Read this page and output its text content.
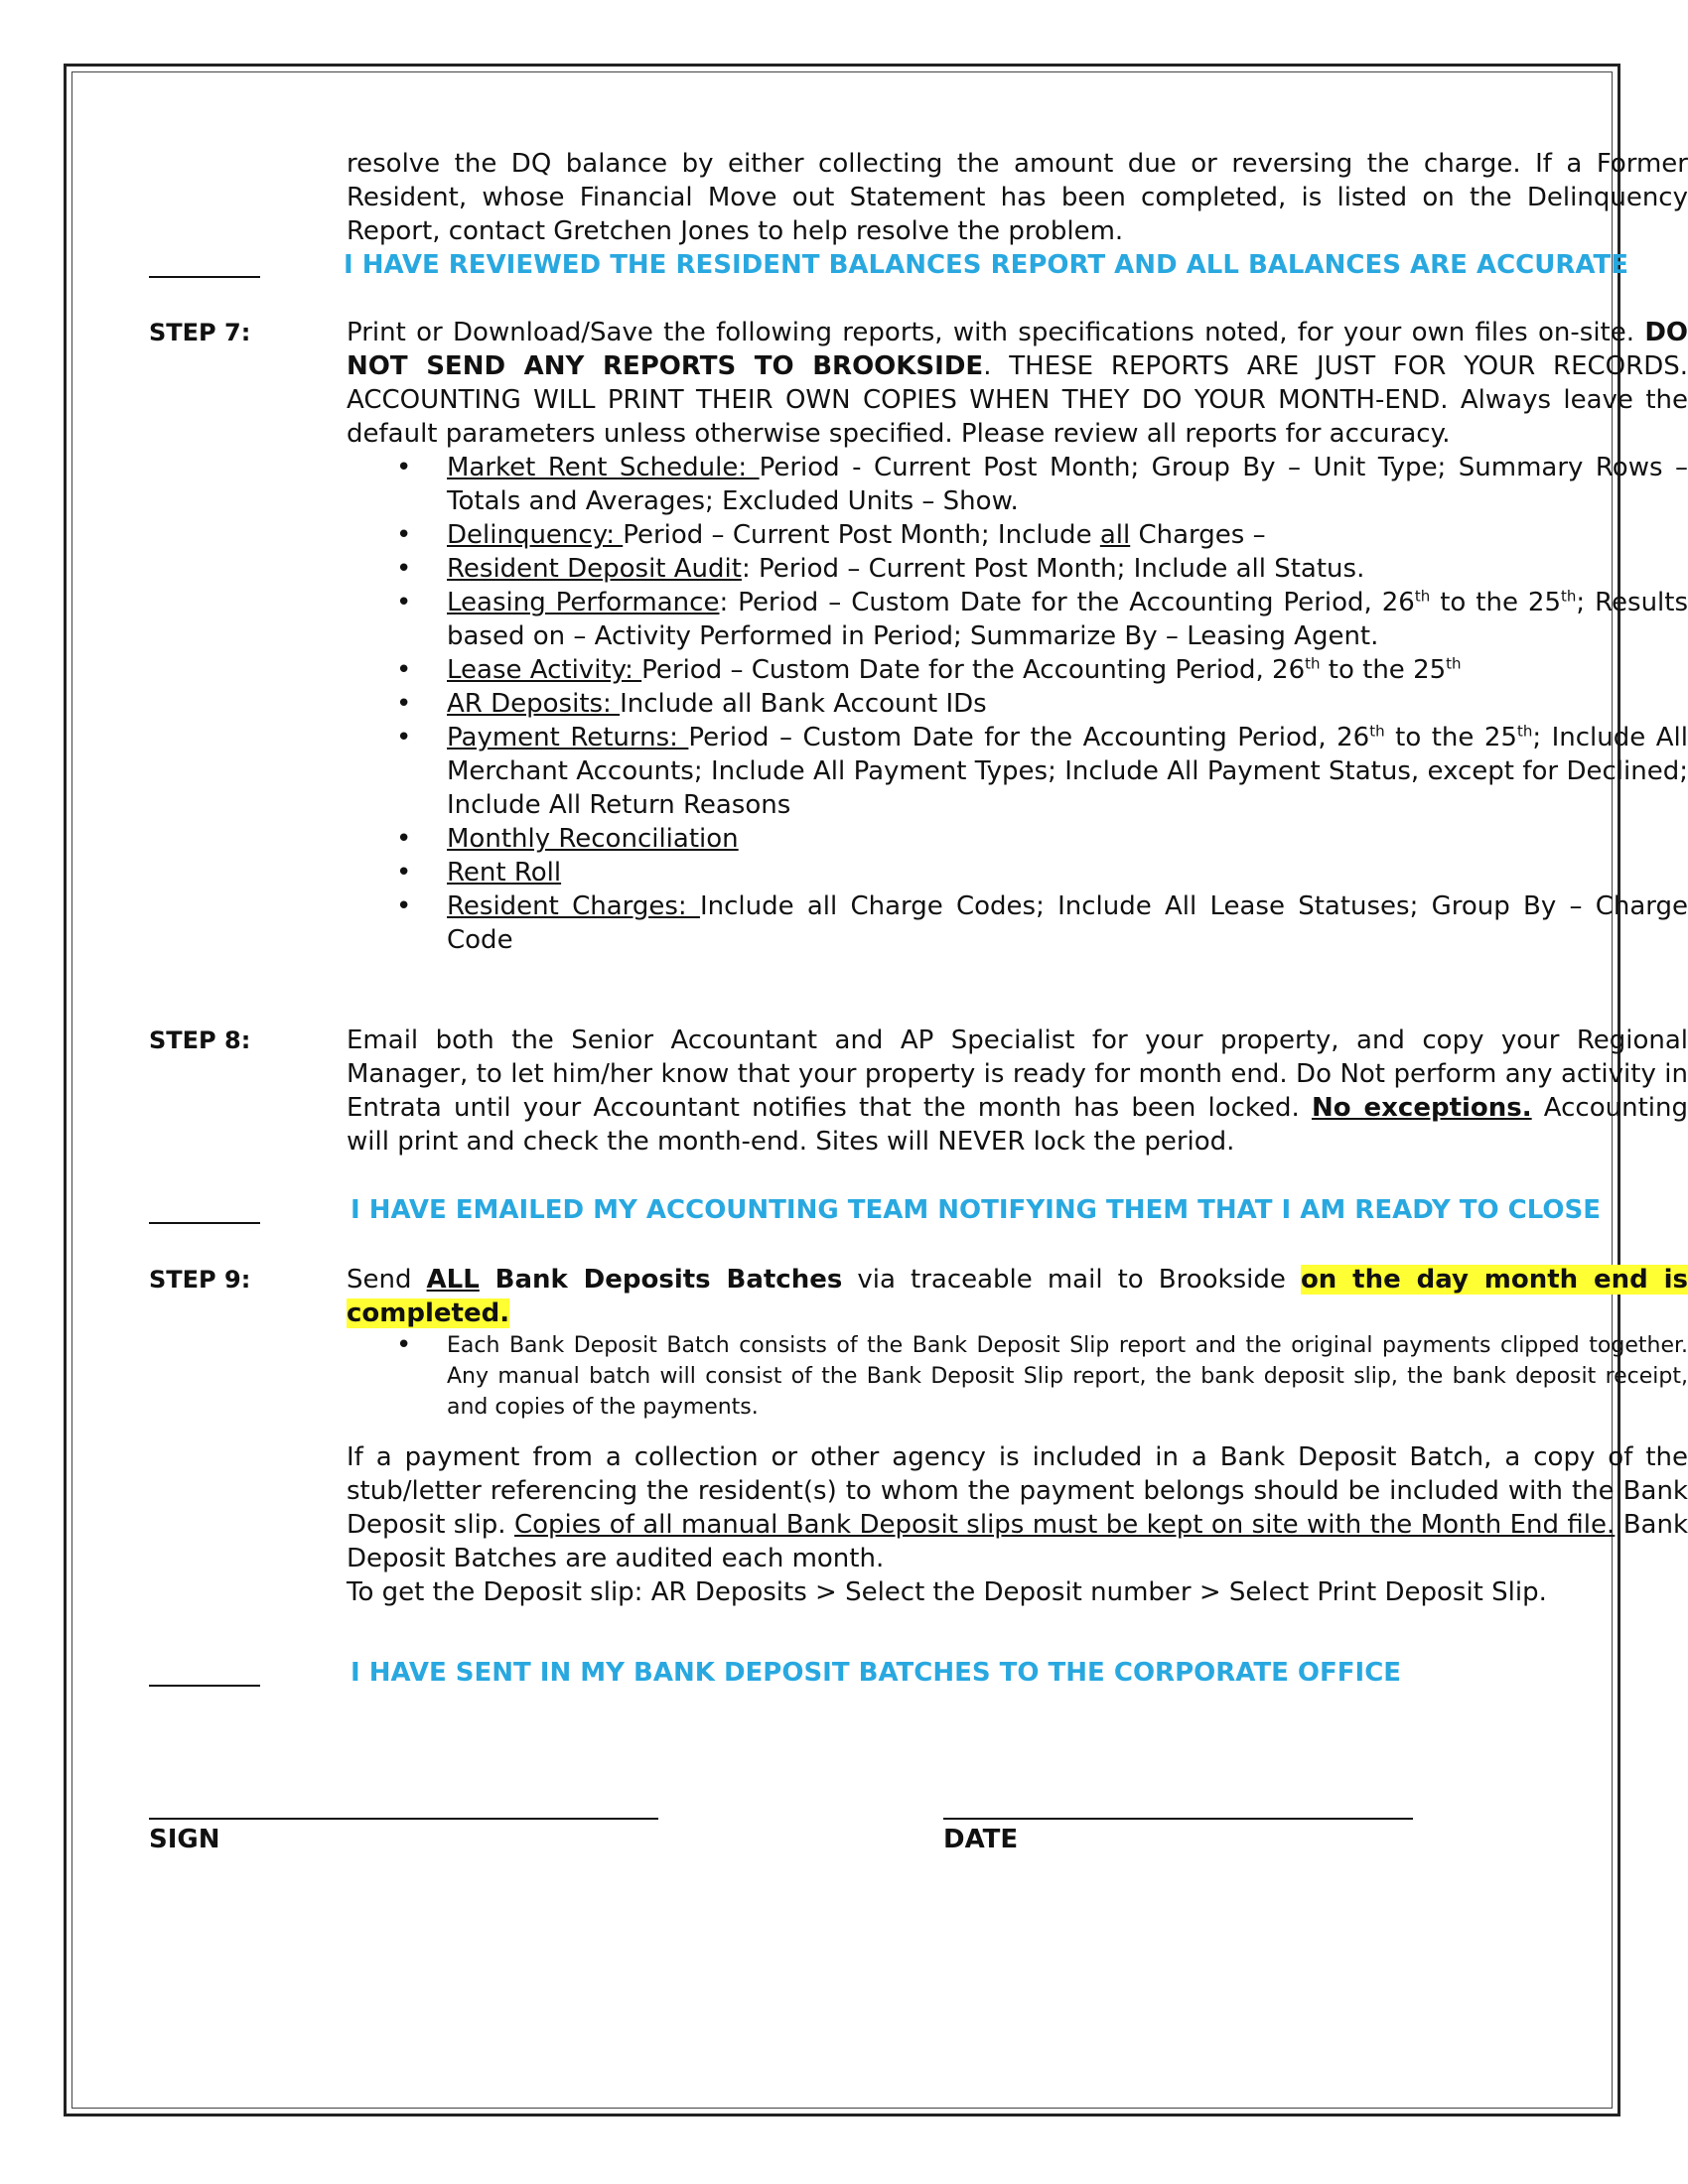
resolve the DQ balance by either collecting the amount due or reversing the charge. If a Former Resident, whose Financial Move out Statement has been completed, is listed on the Delinquency Report, contact Gretchen Jones to help resolve the problem.

I HAVE REVIEWED THE RESIDENT BALANCES REPORT AND ALL BALANCES ARE ACCURATE
STEP 7:	Print or Download/Save the following reports, with specifications noted, for your own files on-site. DO NOT SEND ANY REPORTS TO BROOKSIDE. THESE REPORTS ARE JUST FOR YOUR RECORDS. ACCOUNTING WILL PRINT THEIR OWN COPIES WHEN THEY DO YOUR MONTH-END. Always leave the default parameters unless otherwise specified. Please review all reports for accuracy.

• Market Rent Schedule: Period - Current Post Month; Group By – Unit Type; Summary Rows – Totals and Averages; Excluded Units – Show.
• Delinquency: Period – Current Post Month; Include all Charges –
• Resident Deposit Audit: Period – Current Post Month; Include all Status.
• Leasing Performance: Period – Custom Date for the Accounting Period, 26th to the 25th; Results based on – Activity Performed in Period; Summarize By – Leasing Agent.
• Lease Activity: Period – Custom Date for the Accounting Period, 26th to the 25th
• AR Deposits: Include all Bank Account IDs
• Payment Returns: Period – Custom Date for the Accounting Period, 26th to the 25th; Include All Merchant Accounts; Include All Payment Types; Include All Payment Status, except for Declined; Include All Return Reasons
• Monthly Reconciliation
• Rent Roll
• Resident Charges: Include all Charge Codes; Include All Lease Statuses; Group By – Charge Code
STEP 8:	Email both the Senior Accountant and AP Specialist for your property, and copy your Regional Manager, to let him/her know that your property is ready for month end. Do Not perform any activity in Entrata until your Accountant notifies that the month has been locked. No exceptions. Accounting will print and check the month-end. Sites will NEVER lock the period.

I HAVE EMAILED MY ACCOUNTING TEAM NOTIFYING THEM THAT I AM READY TO CLOSE
STEP 9:	Send ALL Bank Deposits Batches via traceable mail to Brookside on the day month end is completed.

• Each Bank Deposit Batch consists of the Bank Deposit Slip report and the original payments clipped together. Any manual batch will consist of the Bank Deposit Slip report, the bank deposit slip, the bank deposit receipt, and copies of the payments.

If a payment from a collection or other agency is included in a Bank Deposit Batch, a copy of the stub/letter referencing the resident(s) to whom the payment belongs should be included with the Bank Deposit slip. Copies of all manual Bank Deposit slips must be kept on site with the Month End file. Bank Deposit Batches are audited each month.

To get the Deposit slip: AR Deposits > Select the Deposit number > Select Print Deposit Slip.

I HAVE SENT IN MY BANK DEPOSIT BATCHES TO THE CORPORATE OFFICE
SIGN	DATE
